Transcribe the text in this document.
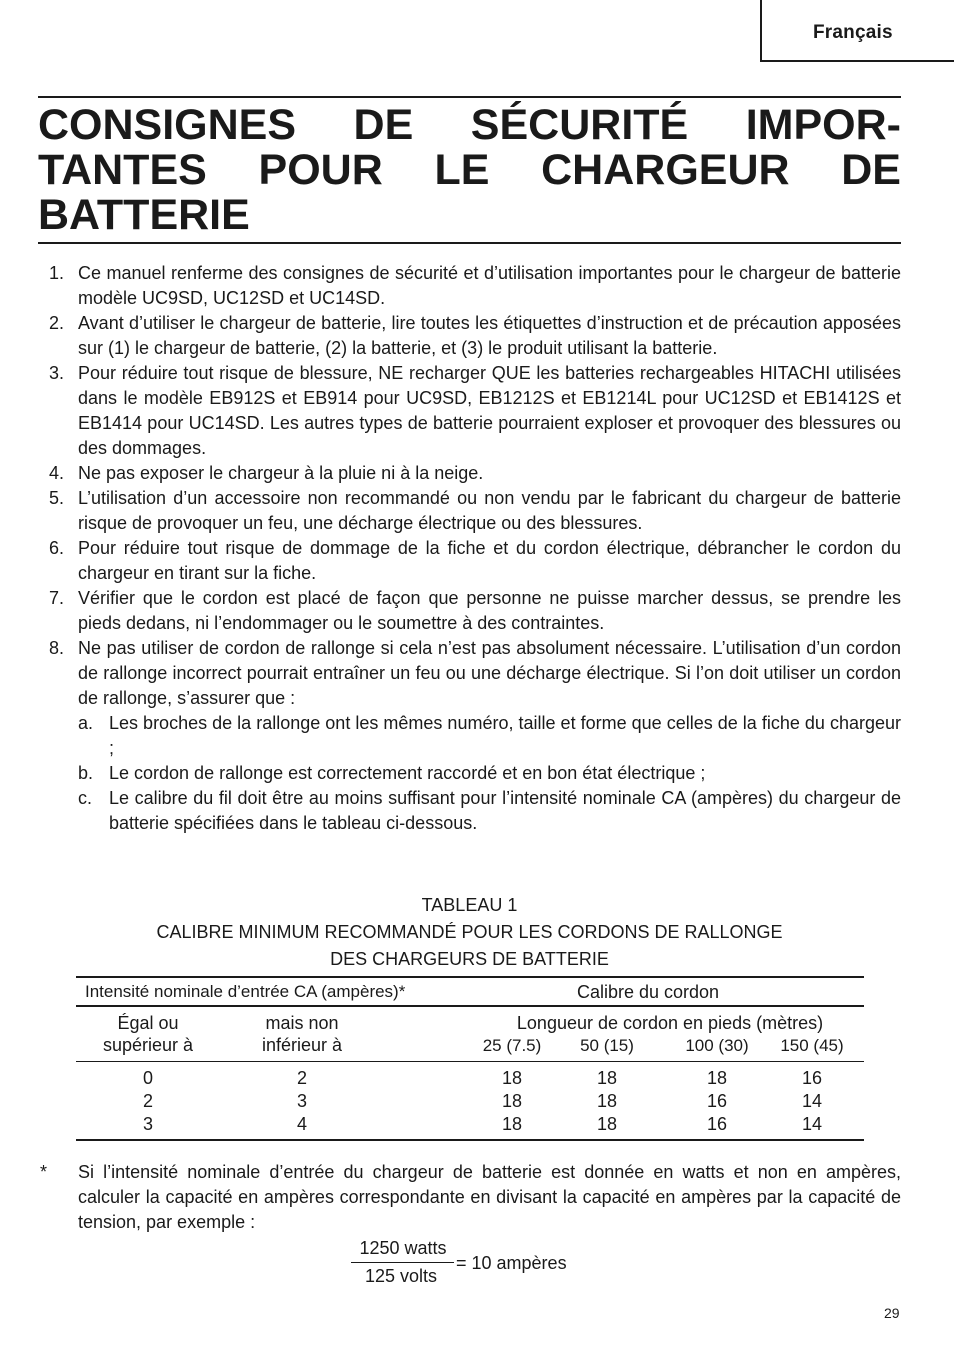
Français
CONSIGNES DE SÉCURITÉ IMPOR-
TANTES POUR LE CHARGEUR DE
BATTERIE
1. Ce manuel renferme des consignes de sécurité et d’utilisation importantes pour le chargeur de batterie modèle UC9SD, UC12SD et UC14SD.
2. Avant d’utiliser le chargeur de batterie, lire toutes les étiquettes d’instruction et de précaution apposées sur (1) le chargeur de batterie, (2) la batterie, et (3) le produit utilisant la batterie.
3. Pour réduire tout risque de blessure, NE recharger QUE les batteries rechargeables HITACHI utilisées dans le modèle EB912S et EB914 pour UC9SD, EB1212S et EB1214L pour UC12SD et EB1412S et EB1414 pour UC14SD. Les autres types de batterie pourraient exploser et provoquer des blessures ou des dommages.
4. Ne pas exposer le chargeur à la pluie ni à la neige.
5. L’utilisation d’un accessoire non recommandé ou non vendu par le fabricant du chargeur de batterie risque de provoquer un feu, une décharge électrique ou des blessures.
6. Pour réduire tout risque de dommage de la fiche et du cordon électrique, débrancher le cordon du chargeur en tirant sur la fiche.
7. Vérifier que le cordon est placé de façon que personne ne puisse marcher dessus, se prendre les pieds dedans, ni l’endommager ou le soumettre à des contraintes.
8. Ne pas utiliser de cordon de rallonge si cela n’est pas absolument nécessaire. L’utilisation d’un cordon de rallonge incorrect pourrait entraîner un feu ou une décharge électrique. Si l’on doit utiliser un cordon de rallonge, s’assurer que :
a. Les broches de la rallonge ont les mêmes numéro, taille et forme que celles de la fiche du chargeur ;
b. Le cordon de rallonge est correctement raccordé et en bon état électrique ;
c. Le calibre du fil doit être au moins suffisant pour l’intensité nominale CA (ampères) du chargeur de batterie spécifiées dans le tableau ci-dessous.
TABLEAU 1
CALIBRE MINIMUM RECOMMANDÉ POUR LES CORDONS DE RALLONGE
DES CHARGEURS DE BATTERIE
Intensité nominale d’entrée CA (ampères)*	Calibre du cordon
Égal ou
supérieur à
mais non
inférieur à
Longueur de cordon en pieds (mètres)
25 (7.5) 50 (15)	100 (30) 150 (45)
0	2	18	18	18	16
2	3	18	18	16	14
3	4	18	18	16	14
* Si l’intensité nominale d’entrée du chargeur de batterie est donnée en watts et non en ampères, calculer la capacité en ampères correspondante en divisant la capacité en ampères par la capacité de tension, par exemple :
1250 watts
125 volts
= 10 ampères
29
